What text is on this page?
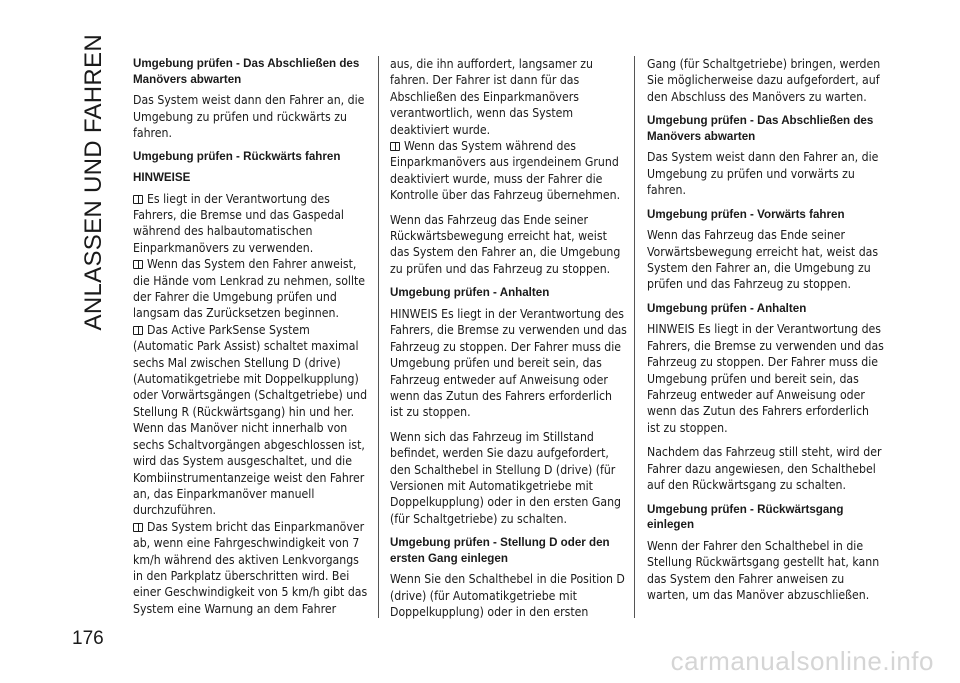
ANLASSEN UND FAHREN
176

Umgebung prüfen - Das Abschließen des Manövers abwarten

Das System weist dann den Fahrer an, die Umgebung zu prüfen und rückwärts zu fahren.

Umgebung prüfen - Rückwärts fahren

HINWEISE

Es liegt in der Verantwortung des Fahrers, die Bremse und das Gaspedal während des halbautomatischen Einparkmanövers zu verwenden.

Wenn das System den Fahrer anweist, die Hände vom Lenkrad zu nehmen, sollte der Fahrer die Umgebung prüfen und langsam das Zurücksetzen beginnen.

Das Active ParkSense System (Automatic Park Assist) schaltet maximal sechs Mal zwischen Stellung D (drive) (Automatikgetriebe mit Doppelkupplung) oder Vorwärtsgängen (Schaltgetriebe) und Stellung R (Rückwärtsgang) hin und her. Wenn das Manöver nicht innerhalb von sechs Schaltvorgängen abgeschlossen ist, wird das System ausgeschaltet, und die Kombiinstrumentanzeige weist den Fahrer an, das Einparkmanöver manuell durchzuführen.

Das System bricht das Einparkmanöver ab, wenn eine Fahrgeschwindigkeit von 7 km/h während des aktiven Lenkvorgangs in den Parkplatz überschritten wird. Bei einer Geschwindigkeit von 5 km/h gibt das System eine Warnung an dem Fahrer

aus, die ihn auffordert, langsamer zu fahren. Der Fahrer ist dann für das Abschließen des Einparkmanövers verantwortlich, wenn das System deaktiviert wurde.

Wenn das System während des Einparkmanövers aus irgendeinem Grund deaktiviert wurde, muss der Fahrer die Kontrolle über das Fahrzeug übernehmen.

Wenn das Fahrzeug das Ende seiner Rückwärtsbewegung erreicht hat, weist das System den Fahrer an, die Umgebung zu prüfen und das Fahrzeug zu stoppen.

Umgebung prüfen - Anhalten

HINWEIS Es liegt in der Verantwortung des Fahrers, die Bremse zu verwenden und das Fahrzeug zu stoppen. Der Fahrer muss die Umgebung prüfen und bereit sein, das Fahrzeug entweder auf Anweisung oder wenn das Zutun des Fahrers erforderlich ist zu stoppen.

Wenn sich das Fahrzeug im Stillstand befindet, werden Sie dazu aufgefordert, den Schalthebel in Stellung D (drive) (für Versionen mit Automatikgetriebe mit Doppelkupplung) oder in den ersten Gang (für Schaltgetriebe) zu schalten.

Umgebung prüfen - Stellung D oder den ersten Gang einlegen

Wenn Sie den Schalthebel in die Position D (drive) (für Automatikgetriebe mit Doppelkupplung) oder in den ersten

Gang (für Schaltgetriebe) bringen, werden Sie möglicherweise dazu aufgefordert, auf den Abschluss des Manövers zu warten.

Umgebung prüfen - Das Abschließen des Manövers abwarten

Das System weist dann den Fahrer an, die Umgebung zu prüfen und vorwärts zu fahren.

Umgebung prüfen - Vorwärts fahren

Wenn das Fahrzeug das Ende seiner Vorwärtsbewegung erreicht hat, weist das System den Fahrer an, die Umgebung zu prüfen und das Fahrzeug zu stoppen.

Umgebung prüfen - Anhalten

HINWEIS Es liegt in der Verantwortung des Fahrers, die Bremse zu verwenden und das Fahrzeug zu stoppen. Der Fahrer muss die Umgebung prüfen und bereit sein, das Fahrzeug entweder auf Anweisung oder wenn das Zutun des Fahrers erforderlich ist zu stoppen.

Nachdem das Fahrzeug still steht, wird der Fahrer dazu angewiesen, den Schalthebel auf den Rückwärtsgang zu schalten.

Umgebung prüfen - Rückwärtsgang einlegen

Wenn der Fahrer den Schalthebel in die Stellung Rückwärtsgang gestellt hat, kann das System den Fahrer anweisen zu warten, um das Manöver abzuschließen.

carmanualsonline.info
